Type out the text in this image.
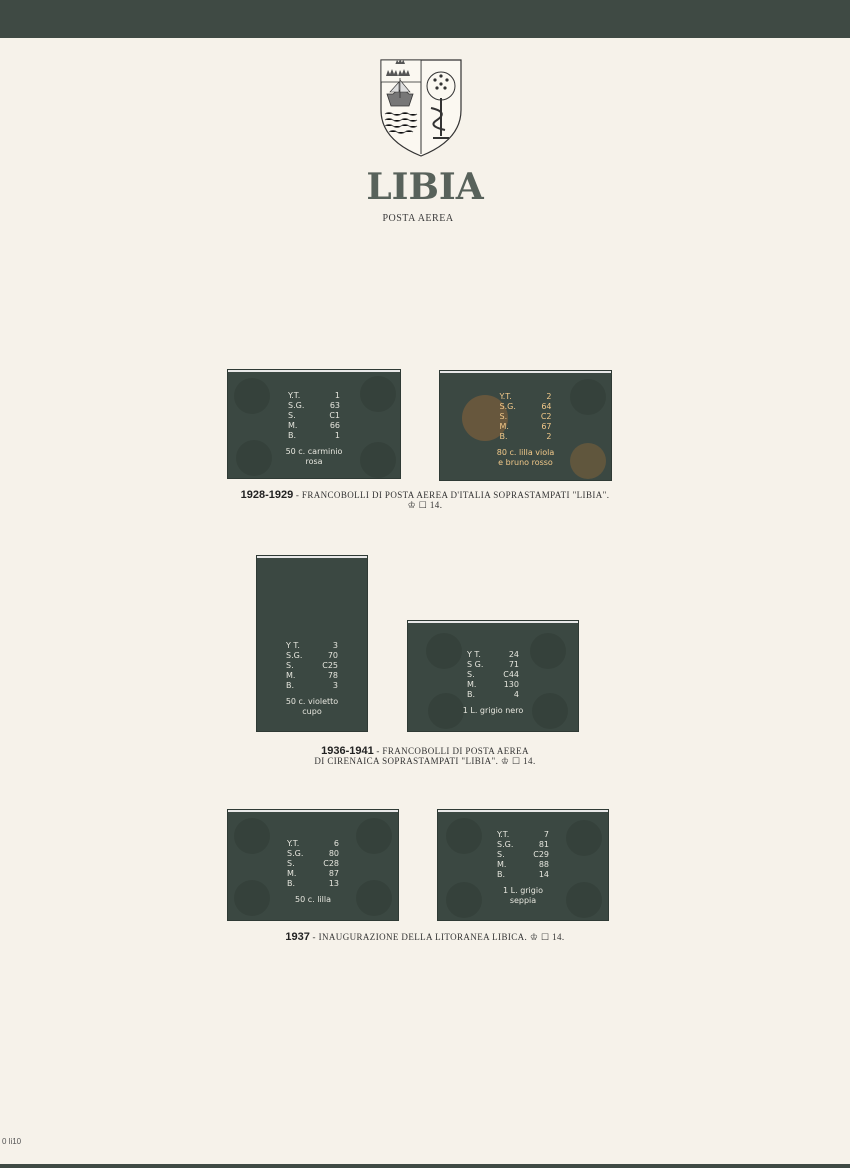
LIBIA
POSTA AEREA
Y.T.	1
S.G.	63
S.	C1
M.	66
B.	1
50 c. carminio
rosa
Y.T.	2
S.G.	64
S.	C2
M.	67
B.	2
80 c. lilla viola
e bruno rosso
1928-1929 - FRANCOBOLLI DI POSTA AEREA D'ITALIA SOPRASTAMPATI "LIBIA".
♔ ☐ 14.
Y T.	3
S.G.	70
S.	C25
M.	78
B.	3
50 c. violetto
cupo
Y T.	24
S G.	71
S.	C44
M.	130
B.	4
1 L. grigio nero
1936-1941 - FRANCOBOLLI DI POSTA AEREA
DI CIRENAICA SOPRASTAMPATI "LIBIA". ♔ ☐ 14.
Y.T.	6
S.G.	80
S.	C28
M.	87
B.	13
50 c. lilla
Y.T.	7
S.G.	81
S.	C29
M.	88
B.	14
1 L. grigio
seppia
1937 - INAUGURAZIONE DELLA LITORANEA LIBICA. ♔ ☐ 14.
0 li10
